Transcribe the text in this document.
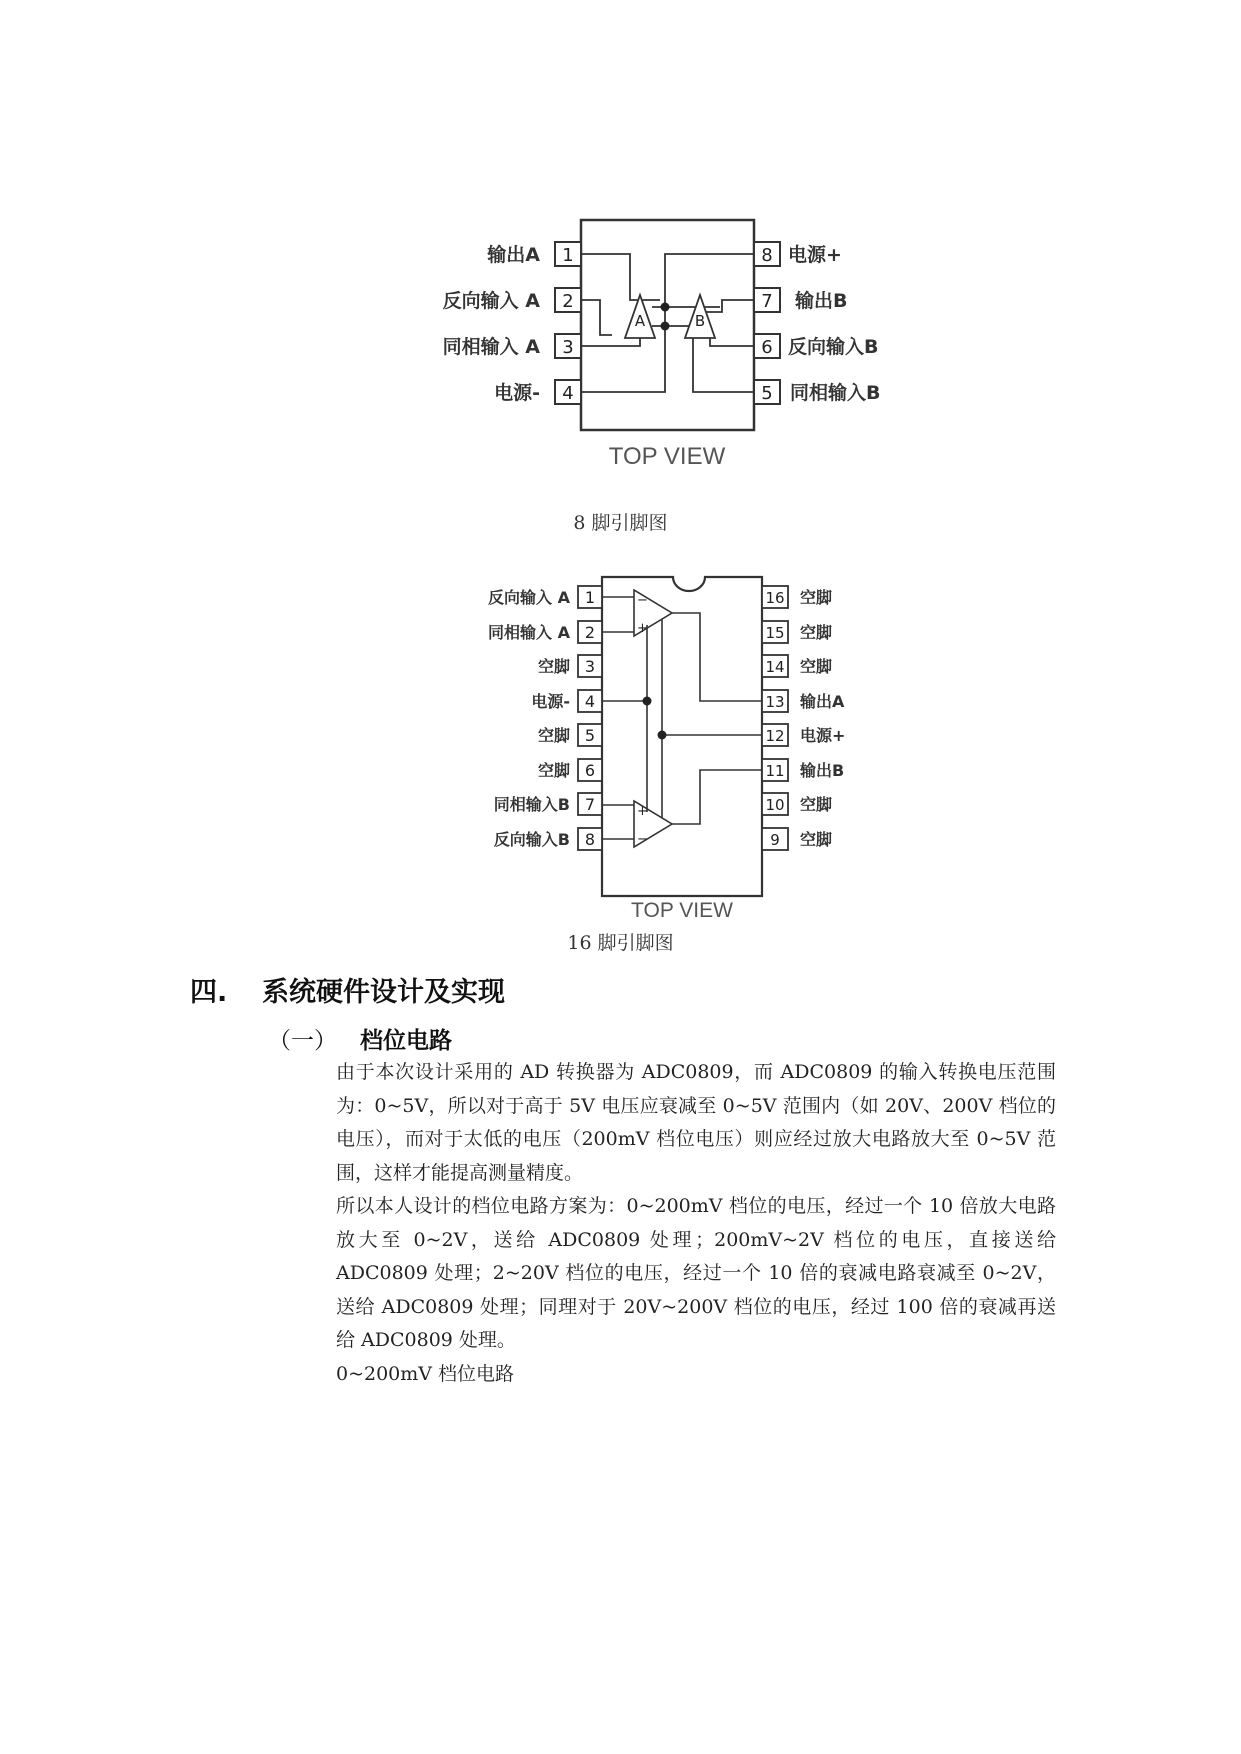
1
2
3
4
8
7
6
5
输出A
反向输入 A
同相输入 A
电源-
电源+
输出B
反向输入B
同相输入B
A	B
TOP VIEW
8 脚引脚图
1
2
3
4
5
6
7
8
反向输入 A
同相输入 A
空脚
电源-
空脚
空脚
同相输入B
反向输入B
16
15
14
13
12
11
10
9
空脚
空脚
空脚
输出A
电源+
输出B
空脚
空脚
−
+
+
−
TOP VIEW
16 脚引脚图
四. 系统硬件设计及实现
（一） 档位电路

由于本次设计采用的 AD 转换器为 ADC0809，而 ADC0809 的输入转换电压范围为：0~5V，所以对于高于 5V 电压应衰减至 0~5V 范围内（如 20V、200V 档位的电压），而对于太低的电压（200mV 档位电压）则应经过放大电路放大至 0~5V 范围，这样才能提高测量精度。

所以本人设计的档位电路方案为：0~200mV 档位的电压，经过一个 10 倍放大电路放大至 0~2V，送给 ADC0809 处理；200mV~2V 档位的电压，直接送给 ADC0809 处理；2~20V 档位的电压，经过一个 10 倍的衰减电路衰减至 0~2V，送给 ADC0809 处理；同理对于 20V~200V 档位的电压，经过 100 倍的衰减再送给 ADC0809 处理。

0~200mV 档位电路
